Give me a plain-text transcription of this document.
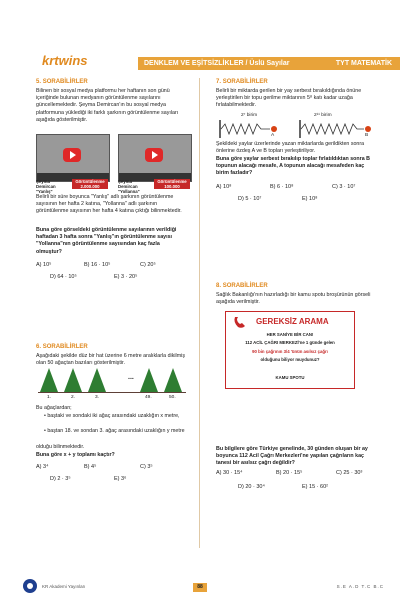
krtwins	DENKLEM VE EŞİTSİZLİKLER / Üslü Sayılar	TYT MATEMATİK
5. SORABİLİRLER
Bilinen bir sosyal medya platformu her haftanın son günü içeriğinde bulunan medyanın görüntülenme sayılarını güncellemektedir. Şeyma Demircan'ın bu sosyal medya platformuna yüklediği iki farklı şarkının görüntülenme sayıları aşağıda gösterilmiştir.
Şeyma Demircan "Yanlış"
Görüntülenme 2.000.000
Şeyma Demircan "Yollanna"
Görüntülenme 100.000
Belirli bir süre boyunca "Yanlış" adlı şarkının görüntülenme sayısının her hafta 2 katına, "Yollanna" adlı şarkının görüntülenme sayısının her hafta 4 katına çıktığı bilinmektedir.
Buna göre görseldeki görüntülenme sayılarının verildiği haftadan 3 hafta sonra "Yanlış"ın görüntülenme sayısı "Yollanna"nın görüntülenme sayısından kaç fazla olmuştur?
A) 10⁵	B) 16 · 10⁵	C) 20⁵
D) 64 · 10⁵	E) 3 · 20⁵
6. SORABİLİRLER
Aşağıdaki şekilde düz bir hat üzerine 6 metre aralıklarla dikilmiş olan 50 ağaçtan bazıları gösterilmiştir.
...
1.	2.	3.	49.	50.
Bu ağaçlardan;
• baştaki ve sondaki iki ağaç arasındaki uzaklığın x metre,
• baştan 18. ve sondan 3. ağaç arasındaki uzaklığın y metre
olduğu bilinmektedir.
Buna göre x + y toplamı kaçtır?
A) 3⁴	B) 4⁵	C) 3⁵
D) 2 · 3⁵	E) 3⁶
7. SORABİLİRLER
Belirli bir miktarda gerilen bir yay serbest bırakıldığında önüne yerleştirilen bir topu gerilme miktarının 5⁸ katı kadar uzağa fırlatabilmektedir.
2⁷ birim	2¹¹ birim
A	B
Şekildeki yaylar üzerlerinde yazan miktarlarda gerildikten sonra önlerine özdeş A ve B topları yerleştiriliyor.
Buna göre yaylar serbest bırakılıp toplar fırlatıldıktan sonra B topunun alacağı mesafe, A topunun alacağı mesafeden kaç birim fazladır?
A) 10⁸	B) 6 · 10⁸	C) 3 · 10⁷
D) 5 · 10⁷	E) 10⁸
8. SORABİLİRLER
Sağlık Bakanlığı'nın hazırladığı bir kamu spotu broşürünün görseli aşağıda verilmiştir.
GEREKSİZ ARAMA
HER SANİYE BİR CAN!
112 ACİL ÇAĞRI MERKEZİ'ne 1 günde gelen
90 bin çağrının 3/4 'ünün asılsız çağrı
olduğunu biliyor muydunuz?
KAMU SPOTU
Bu bilgilere göre Türkiye genelinde, 30 günden oluşan bir ay boyunca 112 Acil Çağrı Merkezleri'ne yapılan çağrıların kaç tanesi bir asılsız çağrı değildir?
A) 30 · 15⁴	B) 20 · 15⁵	C) 25 · 30³
D) 20 · 30⁴	E) 15 · 60²
KR Akademi Yayınları	88	S.E A.D T.C B.C
